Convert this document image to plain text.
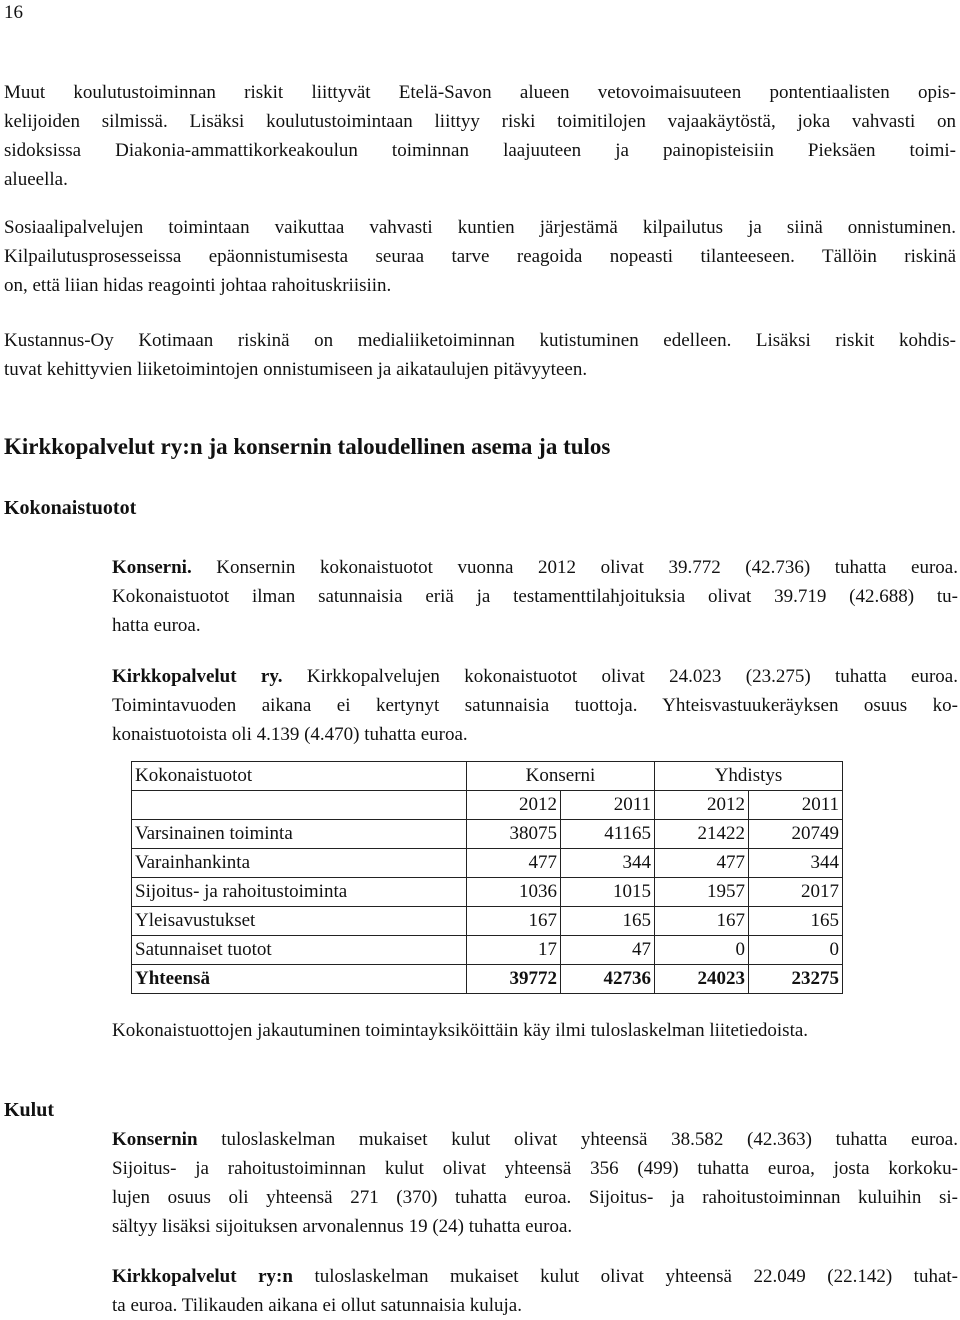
16
Muut koulutustoiminnan riskit liittyvät Etelä-Savon alueen vetovoimaisuuteen pontentiaalisten opis-
kelijoiden silmissä. Lisäksi koulutustoimintaan liittyy riski toimitilojen vajaakäytöstä, joka vahvasti on
sidoksissa Diakonia-ammattikorkeakoulun toiminnan laajuuteen ja painopisteisiin Pieksäen toimi-
alueella.
Sosiaalipalvelujen toimintaan vaikuttaa vahvasti kuntien järjestämä kilpailutus ja siinä onnistuminen.
Kilpailutusprosesseissa epäonnistumisesta seuraa tarve reagoida nopeasti tilanteeseen. Tällöin riskinä
on, että liian hidas reagointi johtaa rahoituskriisiin.
Kustannus-Oy Kotimaan riskinä on medialiiketoiminnan kutistuminen edelleen. Lisäksi riskit kohdis-
tuvat kehittyvien liiketoimintojen onnistumiseen ja aikataulujen pitävyyteen.
Kirkkopalvelut ry:n ja konsernin taloudellinen asema ja tulos
Kokonaistuotot
Konserni. Konsernin kokonaistuotot vuonna 2012 olivat 39.772 (42.736) tuhatta euroa.
Kokonaistuotot ilman satunnaisia eriä ja testamenttilahjoituksia olivat 39.719 (42.688) tu-
hatta euroa.
Kirkkopalvelut ry. Kirkkopalvelujen kokonaistuotot olivat 24.023 (23.275) tuhatta euroa.
Toimintavuoden aikana ei kertynyt satunnaisia tuottoja. Yhteisvastuukeräyksen osuus ko-
konaistuotoista oli 4.139 (4.470) tuhatta euroa.
Kokonaistuotot	Konserni		Yhdistys	
	2012	2011	2012	2011
Varsinainen toiminta	38075	41165	21422	20749
Varainhankinta	477	344	477	344
Sijoitus- ja rahoitustoiminta	1036	1015	1957	2017
Yleisavustukset	167	165	167	165
Satunnaiset tuotot	17	47	0	0
Yhteensä	39772	42736	24023	23275
Kokonaistuottojen jakautuminen toimintayksiköittäin käy ilmi tuloslaskelman liitetiedoista.
Kulut
Konsernin tuloslaskelman mukaiset kulut olivat yhteensä 38.582 (42.363) tuhatta euroa.
Sijoitus- ja rahoitustoiminnan kulut olivat yhteensä 356 (499) tuhatta euroa, josta korkoku-
lujen osuus oli yhteensä 271 (370) tuhatta euroa. Sijoitus- ja rahoitustoiminnan kuluihin si-
sältyy lisäksi sijoituksen arvonalennus 19 (24) tuhatta euroa.
Kirkkopalvelut ry:n tuloslaskelman mukaiset kulut olivat yhteensä 22.049 (22.142) tuhat-
ta euroa. Tilikauden aikana ei ollut satunnaisia kuluja.
